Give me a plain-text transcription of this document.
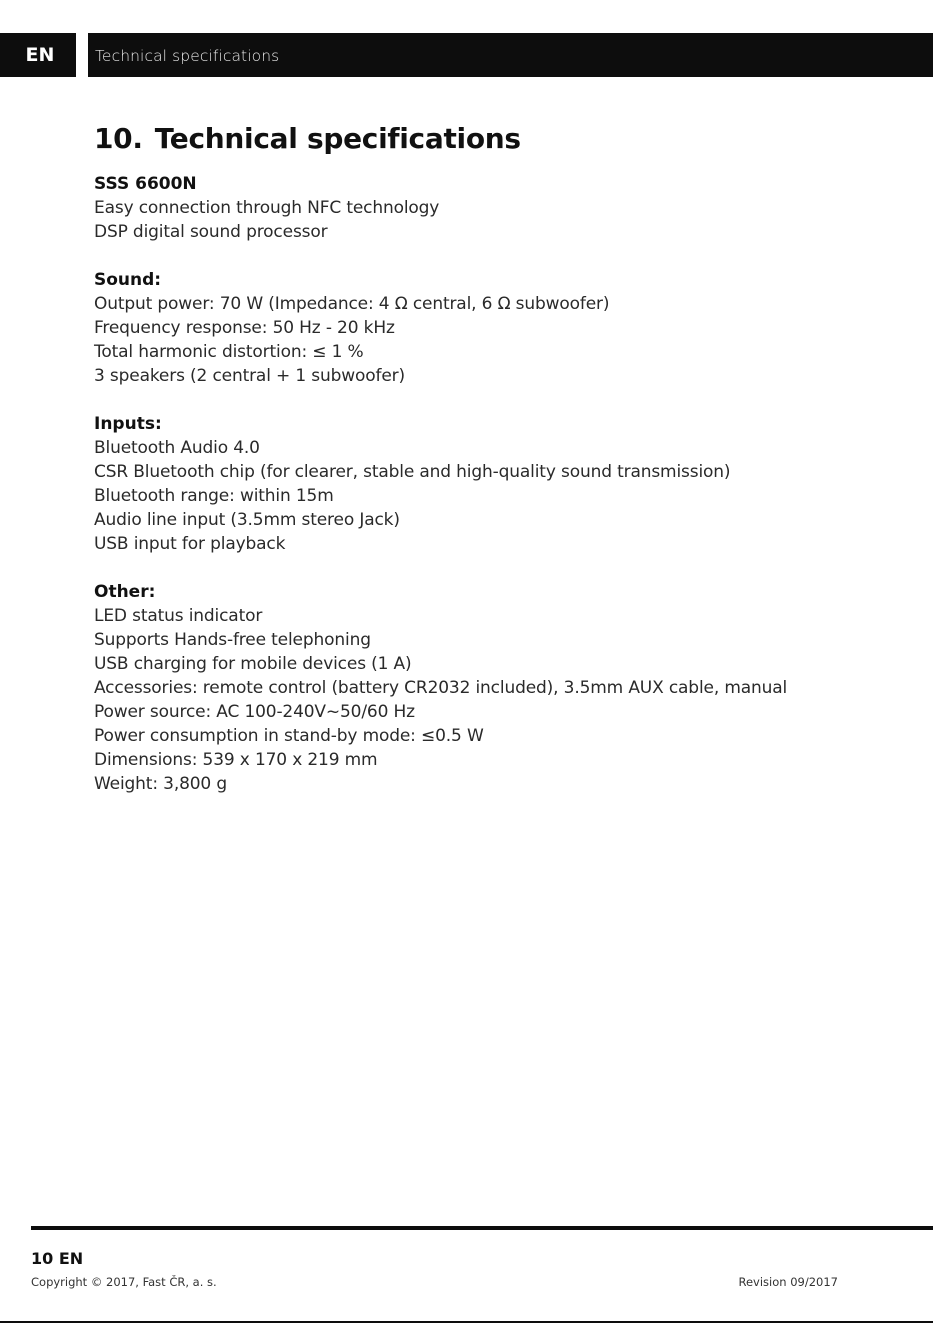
EN	Technical specifications
10. Technical specifications
SSS 6600N
Easy connection through NFC technology
DSP digital sound processor
Sound:
Output power: 70 W (Impedance: 4 Ω central, 6 Ω subwoofer)
Frequency response: 50 Hz - 20 kHz
Total harmonic distortion: ≤ 1 %
3 speakers (2 central + 1 subwoofer)
Inputs:
Bluetooth Audio 4.0
CSR Bluetooth chip (for clearer, stable and high-quality sound transmission)
Bluetooth range: within 15m
Audio line input (3.5mm stereo Jack)
USB input for playback
Other:
LED status indicator
Supports Hands-free telephoning
USB charging for mobile devices (1 A)
Accessories: remote control (battery CR2032 included), 3.5mm AUX cable, manual
Power source: AC 100-240V~50/60 Hz
Power consumption in stand-by mode: ≤0.5 W
Dimensions: 539 x 170 x 219 mm
Weight: 3,800 g
10 EN
Copyright © 2017, Fast ČR, a. s.	Revision 09/2017
